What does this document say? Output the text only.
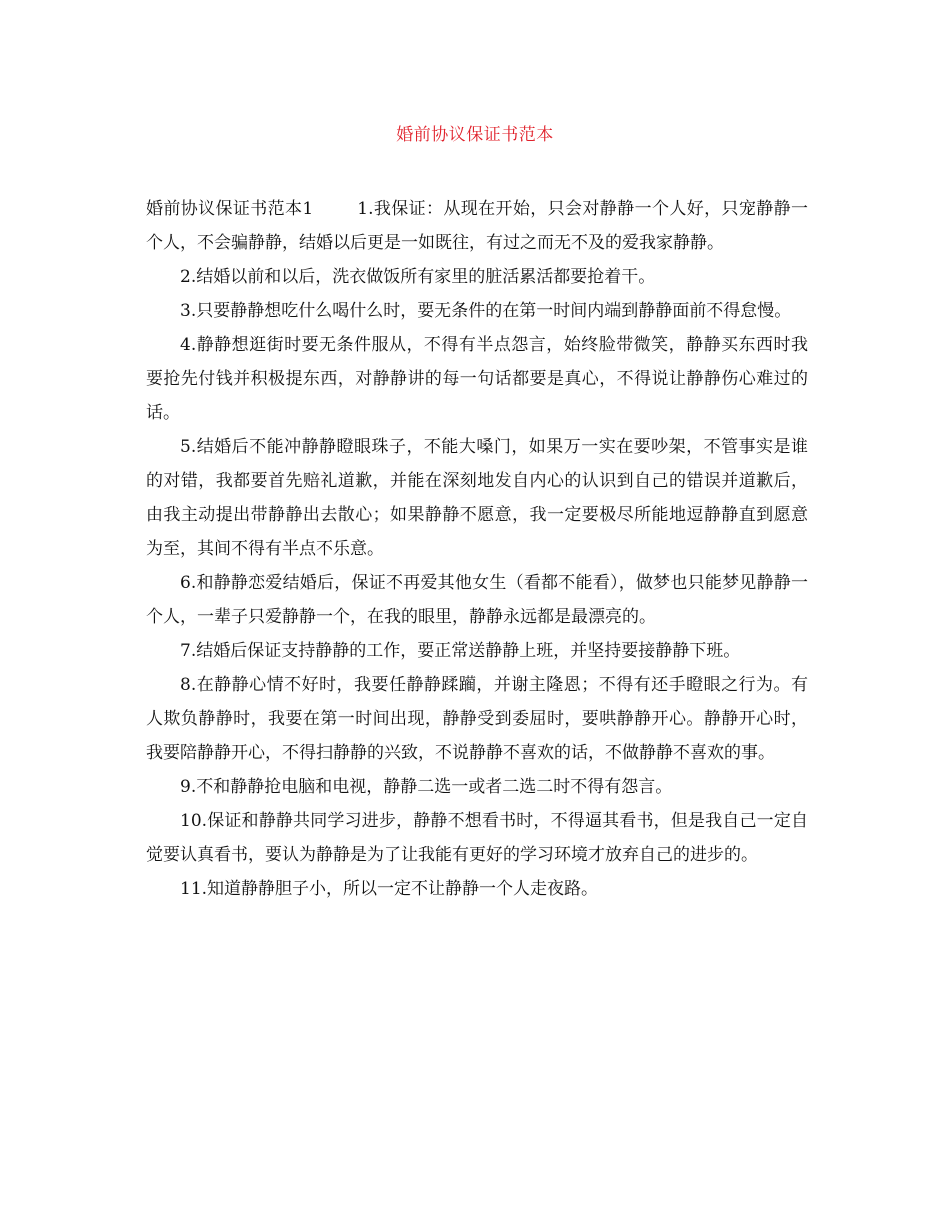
婚前协议保证书范本

婚前协议保证书范本1	1.我保证：从现在开始，只会对静静一个人好，只宠静静一个人，不会骗静静，结婚以后更是一如既往，有过之而无不及的爱我家静静。

2.结婚以前和以后，洗衣做饭所有家里的脏活累活都要抢着干。

3.只要静静想吃什么喝什么时，要无条件的在第一时间内端到静静面前不得怠慢。

4.静静想逛街时要无条件服从，不得有半点怨言，始终脸带微笑，静静买东西时我要抢先付钱并积极提东西，对静静讲的每一句话都要是真心，不得说让静静伤心难过的话。

5.结婚后不能冲静静瞪眼珠子，不能大嗓门，如果万一实在要吵架，不管事实是谁的对错，我都要首先赔礼道歉，并能在深刻地发自内心的认识到自己的错误并道歉后，由我主动提出带静静出去散心；如果静静不愿意，我一定要极尽所能地逗静静直到愿意为至，其间不得有半点不乐意。

6.和静静恋爱结婚后，保证不再爱其他女生（看都不能看），做梦也只能梦见静静一个人，一辈子只爱静静一个，在我的眼里，静静永远都是最漂亮的。

7.结婚后保证支持静静的工作，要正常送静静上班，并坚持要接静静下班。

8.在静静心情不好时，我要任静静蹂躏，并谢主隆恩；不得有还手瞪眼之行为。有人欺负静静时，我要在第一时间出现，静静受到委屈时，要哄静静开心。静静开心时，我要陪静静开心，不得扫静静的兴致，不说静静不喜欢的话，不做静静不喜欢的事。

9.不和静静抢电脑和电视，静静二选一或者二选二时不得有怨言。

10.保证和静静共同学习进步，静静不想看书时，不得逼其看书，但是我自己一定自觉要认真看书，要认为静静是为了让我能有更好的学习环境才放弃自己的进步的。

11.知道静静胆子小，所以一定不让静静一个人走夜路。
